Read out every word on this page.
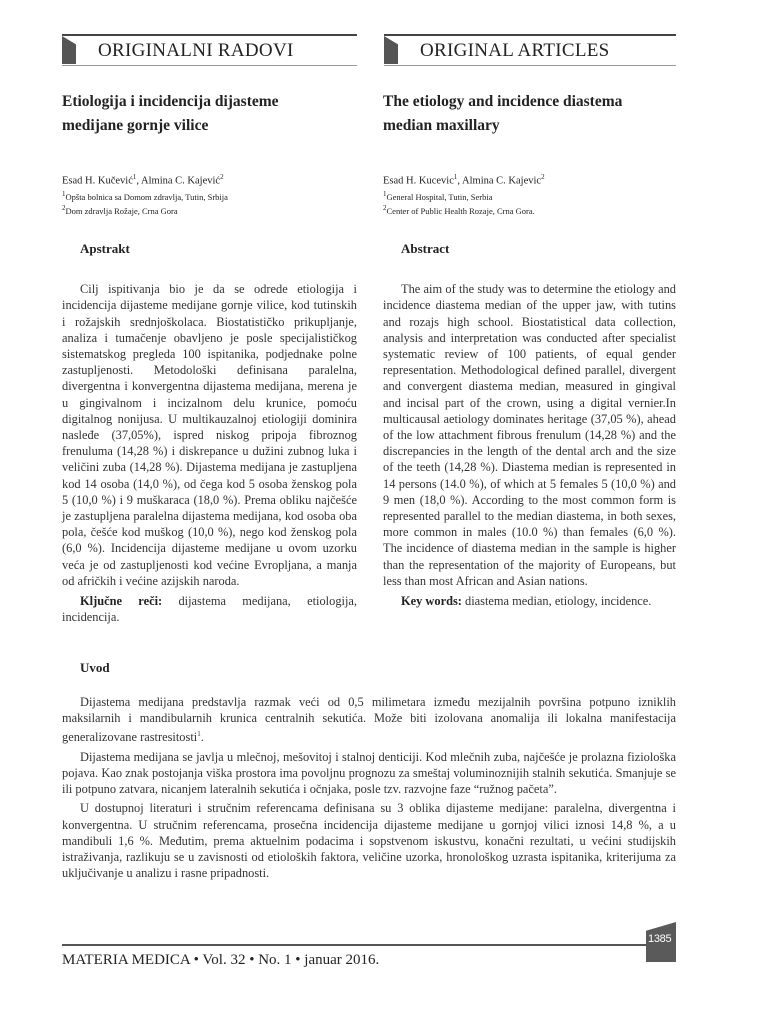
ORIGINALNI RADOVI	ORIGINAL ARTICLES

Etiologija i incidencija dijasteme
medijane gornje vilice

Esad H. Kučević$^1$, Almina C. Kajević$^2$
$^1$Opšta bolnica sa Domom zdravlja, Tutin, Srbija
$^2$Dom zdravlja Rožaje, Crna Gora
Apstrakt
Cilj ispitivanja bio je da se odrede etiologija i incidencija dijasteme medijane gornje vilice, kod tutinskih i rožajskih srednjoškolaca. Biostatističko prikupljanje, analiza i tumačenje obavljeno je posle specijalističkog sistematskog pregleda 100 ispitanika, podjednake polne zastupljenosti. Metodološki definisana paralelna, divergentna i konvergentna dijastema medijana, merena je u gingivalnom i incizalnom delu krunice, pomoću digitalnog nonijusa. U multikauzalnoj etiologiji dominira nasleđe (37,05%), ispred niskog pripoja fibroznog frenuluma (14,28 %) i diskrepance u dužini zubnog luka i veličini zuba (14,28 %). Dijastema medijana je zastupljena kod 14 osoba (14,0 %), od čega kod 5 osoba ženskog pola 5 (10,0 %) i 9 muškaraca (18,0 %). Prema obliku najčešće je zastupljena paralelna dijastema medijana, kod osoba oba pola, češće kod muškog (10,0 %), nego kod ženskog pola (6,0 %). Incidencija dijasteme medijane u ovom uzorku veća je od zastupljenosti kod većine Evropljana, a manja od afričkih i većine azijskih naroda.
Ključne reči: dijastema medijana, etiologija, incidencija.

The etiology and incidence diastema
median maxillary

Esad H. Kucevic$^1$, Almina C. Kajevic$^2$
$^1$General Hospital, Tutin, Serbia
$^2$Center of Public Health Rozaje, Crna Gora.
Abstract
The aim of the study was to determine the etiology and incidence diastema median of the upper jaw, with tutins and rozajs high school. Biostatistical data collection, analysis and interpretation was conducted after specialist systematic review of 100 patients, of equal gender representation. Methodological defined parallel, divergent and convergent diastema median, measured in gingival and incisal part of the crown, using a digital vernier.In multicausal aetiology dominates heritage (37,05 %), ahead of the low attachment fibrous frenulum (14,28 %) and the discrepancies in the length of the dental arch and the size of the teeth (14,28 %). Diastema median is represented in 14 persons (14.0 %), of which at 5 females 5 (10,0 %) and 9 men (18,0 %). According to the most common form is represented parallel to the median diastema, in both sexes, more common in males (10.0 %) than females (6,0 %). The incidence of diastema median in the sample is higher than the representation of the majority of Europeans, but less than most African and Asian nations.
Key words: diastema median, etiology, incidence.
Uvod

Dijastema medijana predstavlja razmak veći od 0,5 milimetara između mezijalnih površina potpuno izniklih maksilarnih i mandibularnih krunica centralnih sekutića. Može biti izolovana anomalija ili lokalna manifestacija generalizovane rastresitosti$^1$.

Dijastema medijana se javlja u mlečnoj, mešovitoj i stalnoj denticiji. Kod mlečnih zuba, najčešće je prolazna fiziološka pojava. Kao znak postojanja viška prostora ima povoljnu prognozu za smeštaj voluminoznijih stalnih sekutića. Smanjuje se ili potpuno zatvara, nicanjem lateralnih sekutića i očnjaka, posle tzv. razvojne faze “ružnog pačeta”.

U dostupnoj literaturi i stručnim referencama definisana su 3 oblika dijasteme medijane: paralelna, divergentna i konvergentna. U stručnim referencama, prosečna incidencija dijasteme medijane u gornjoj vilici iznosi 14,8 %, a u mandibuli 1,6 %. Međutim, prema aktuelnim podacima i sopstvenom iskustvu, konačni rezultati, u većini studijskih istraživanja, razlikuju se u zavisnosti od etioloških faktora, veličine uzorka, hronološkog uzrasta ispitanika, kriterijuma za uključivanje u analizu i rasne pripadnosti.

MATERIA MEDICA • Vol. 32 • No. 1 • januar 2016.
1385
